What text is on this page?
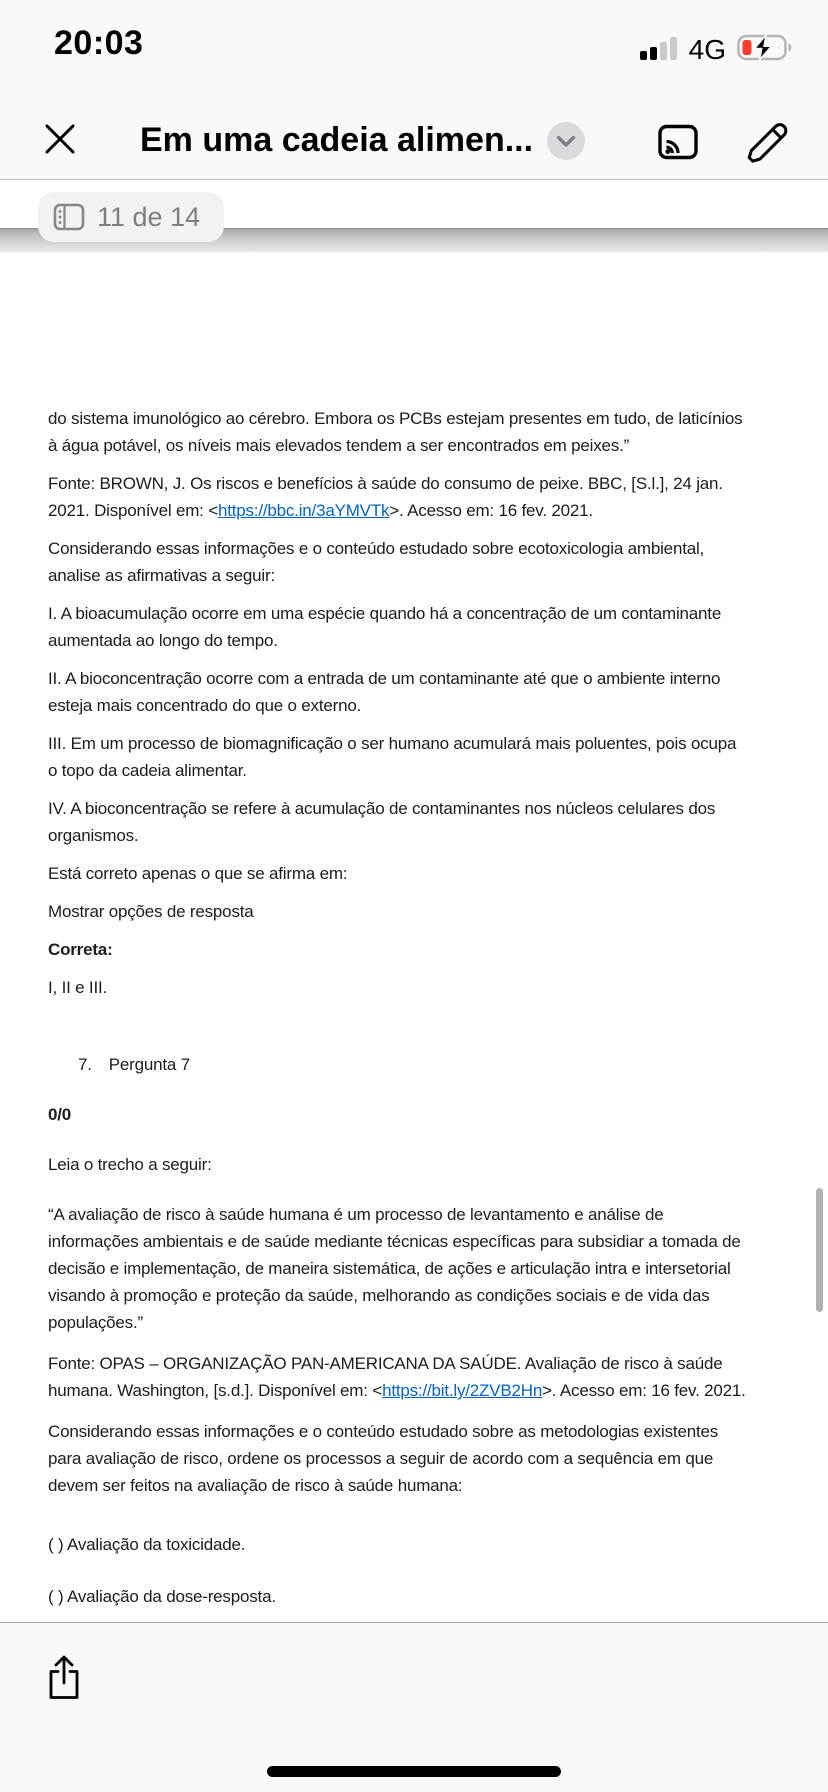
20:03	4G
Em uma cadeia alimen...
11 de 14

do sistema imunológico ao cérebro. Embora os PCBs estejam presentes em tudo, de laticínios à água potável, os níveis mais elevados tendem a ser encontrados em peixes.”

Fonte: BROWN, J. Os riscos e benefícios à saúde do consumo de peixe. BBC, [S.l.], 24 jan. 2021. Disponível em: <https://bbc.in/3aYMVTk>. Acesso em: 16 fev. 2021.

Considerando essas informações e o conteúdo estudado sobre ecotoxicologia ambiental, analise as afirmativas a seguir:

I. A bioacumulação ocorre em uma espécie quando há a concentração de um contaminante aumentada ao longo do tempo.

II. A bioconcentração ocorre com a entrada de um contaminante até que o ambiente interno esteja mais concentrado do que o externo.

III. Em um processo de biomagnificação o ser humano acumulará mais poluentes, pois ocupa o topo da cadeia alimentar.

IV. A bioconcentração se refere à acumulação de contaminantes nos núcleos celulares dos organismos.

Está correto apenas o que se afirma em:

Mostrar opções de resposta

Correta:

I, II e III.

7. Pergunta 7

0/0

Leia o trecho a seguir:

“A avaliação de risco à saúde humana é um processo de levantamento e análise de informações ambientais e de saúde mediante técnicas específicas para subsidiar a tomada de decisão e implementação, de maneira sistemática, de ações e articulação intra e intersetorial visando à promoção e proteção da saúde, melhorando as condições sociais e de vida das populações.”

Fonte: OPAS – ORGANIZAÇÃO PAN-AMERICANA DA SAÚDE. Avaliação de risco à saúde humana. Washington, [s.d.]. Disponível em: <https://bit.ly/2ZVB2Hn>. Acesso em: 16 fev. 2021.

Considerando essas informações e o conteúdo estudado sobre as metodologias existentes para avaliação de risco, ordene os processos a seguir de acordo com a sequência em que devem ser feitos na avaliação de risco à saúde humana:

( ) Avaliação da toxicidade.

( ) Avaliação da dose-resposta.
